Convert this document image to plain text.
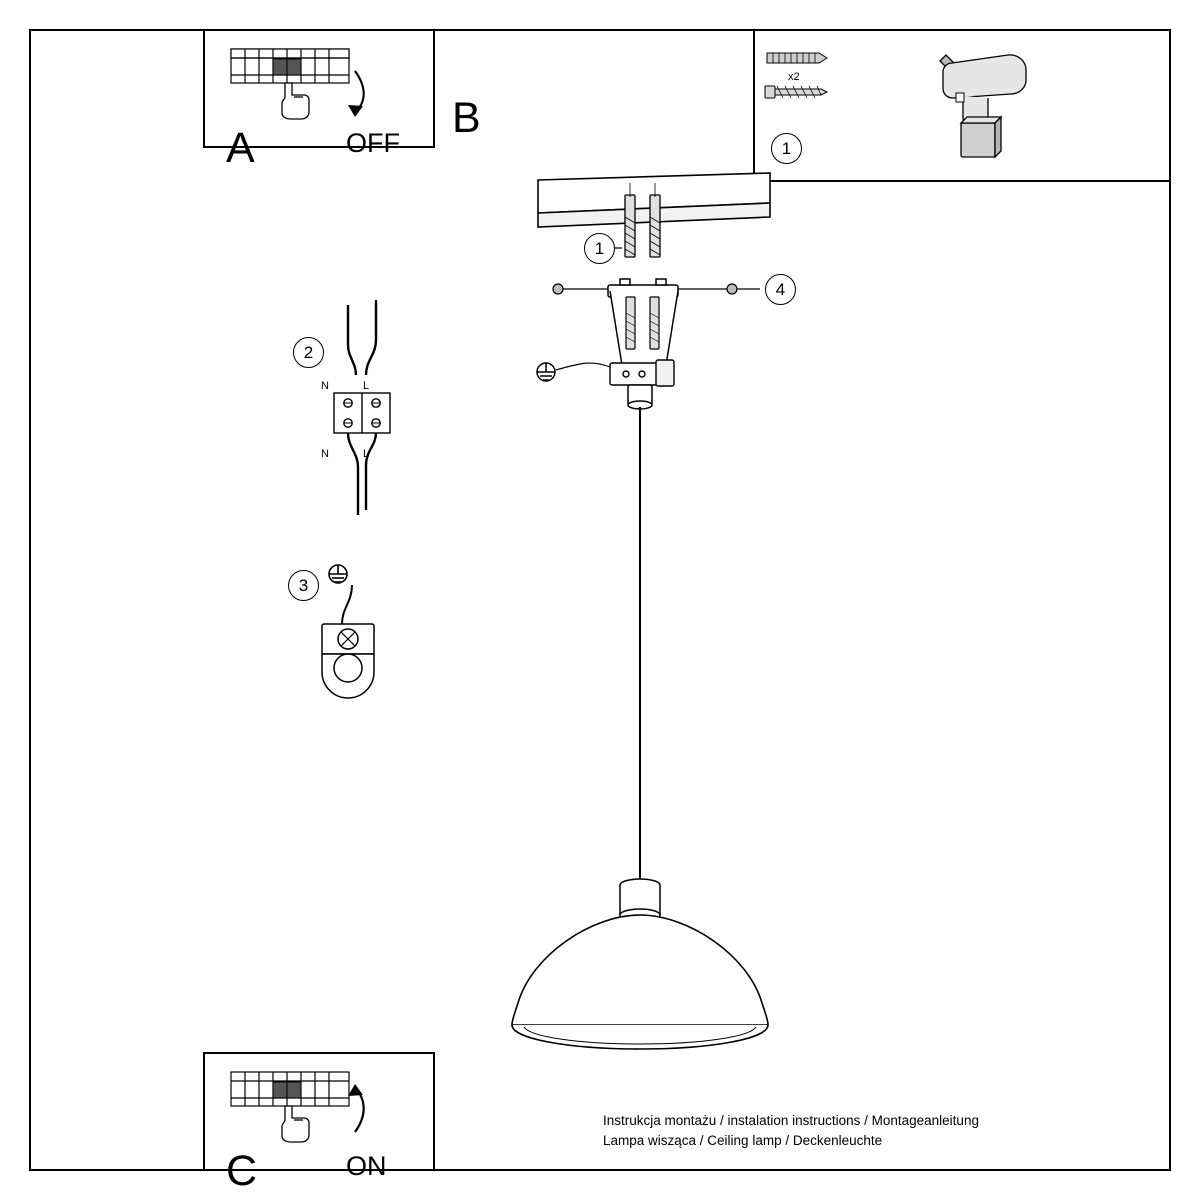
A	OFF
x2
1
B
C	ON
2
N	L
N	L
3
1
4
Instrukcja montażu / instalation instructions / Montageanleitung
Lampa wisząca / Ceiling lamp / Deckenleuchte
